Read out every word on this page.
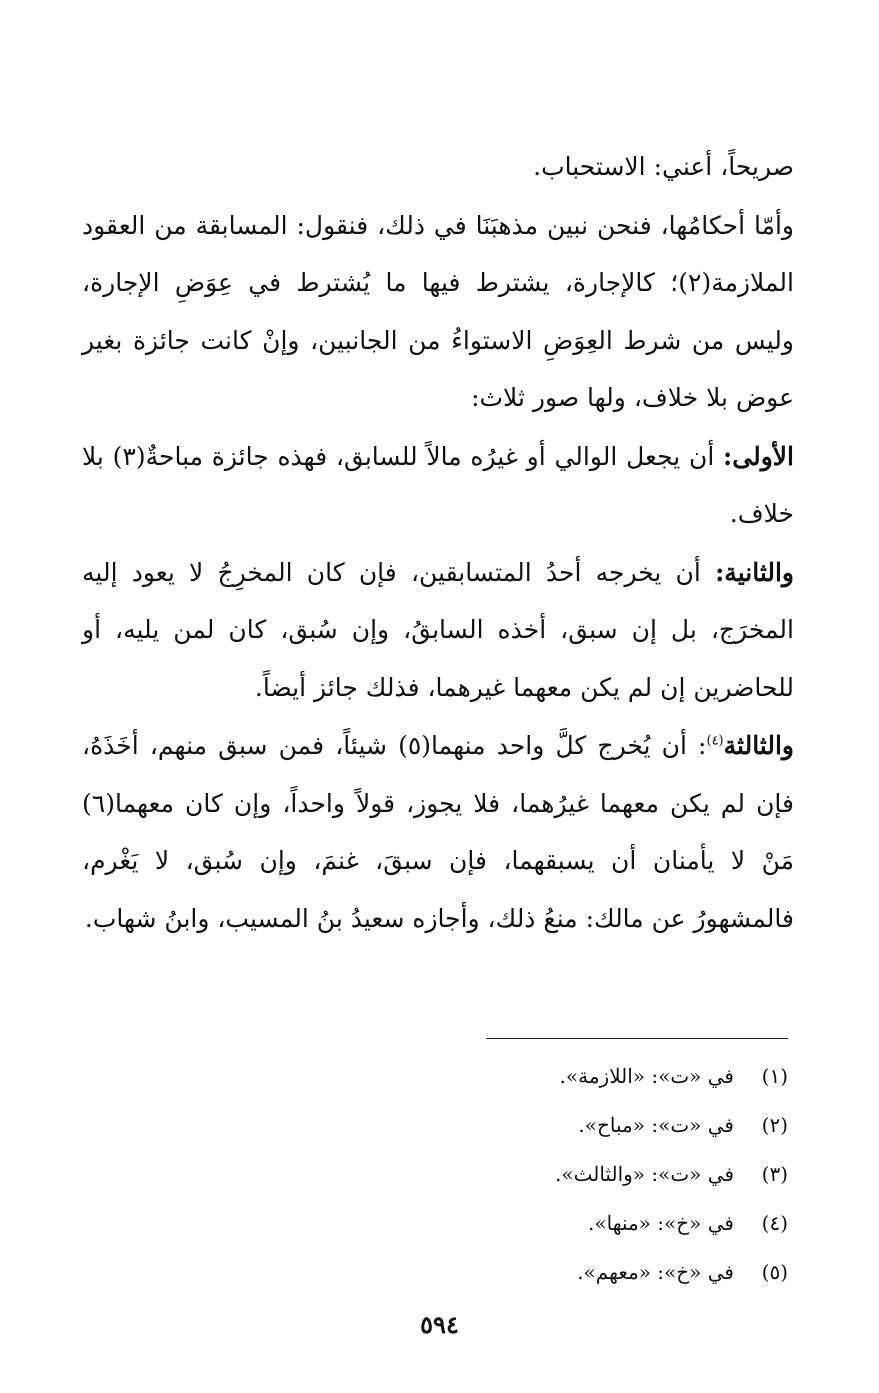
صريحاً، أعني: الاستحباب.

وأمّا أحكامُها، فنحن نبين مذهبَنَا في ذلك، فنقول: المسابقة من العقود الملازمة(٢)؛ كالإجارة، يشترط فيها ما يُشترط في عِوَضِ الإجارة، وليس من شرط العِوَضِ الاستواءُ من الجانبين، وإنْ كانت جائزة بغير عوض بلا خلاف، ولها صور ثلاث:

الأولى: أن يجعل الوالي أو غيرُه مالاً للسابق، فهذه جائزة مباحةٌ(٣) بلا خلاف.

والثانية: أن يخرجه أحدُ المتسابقين، فإن كان المخرِجُ لا يعود إليه المخرَج، بل إن سبق، أخذه السابقُ، وإن سُبق، كان لمن يليه، أو للحاضرين إن لم يكن معهما غيرهما، فذلك جائز أيضاً.

والثالثة$^{(٤)}$: أن يُخرج كلَّ واحد منهما(٥) شيئاً، فمن سبق منهم، أخَذَهُ، فإن لم يكن معهما غيرُهما، فلا يجوز، قولاً واحداً، وإن كان معهما(٦) مَنْ لا يأمنان أن يسبقهما، فإن سبقَ، غنمَ، وإن سُبق، لا يَغْرم، فالمشهورُ عن مالك: منعُ ذلك، وأجازه سعيدُ بنُ المسيب، وابنُ شهاب.

(١)في «ت»: «اللازمة».
(٢)في «ت»: «مباح».
(٣)في «ت»: «والثالث».
(٤)في «خ»: «منها».
(٥)في «خ»: «معهم».
٥٩٤
